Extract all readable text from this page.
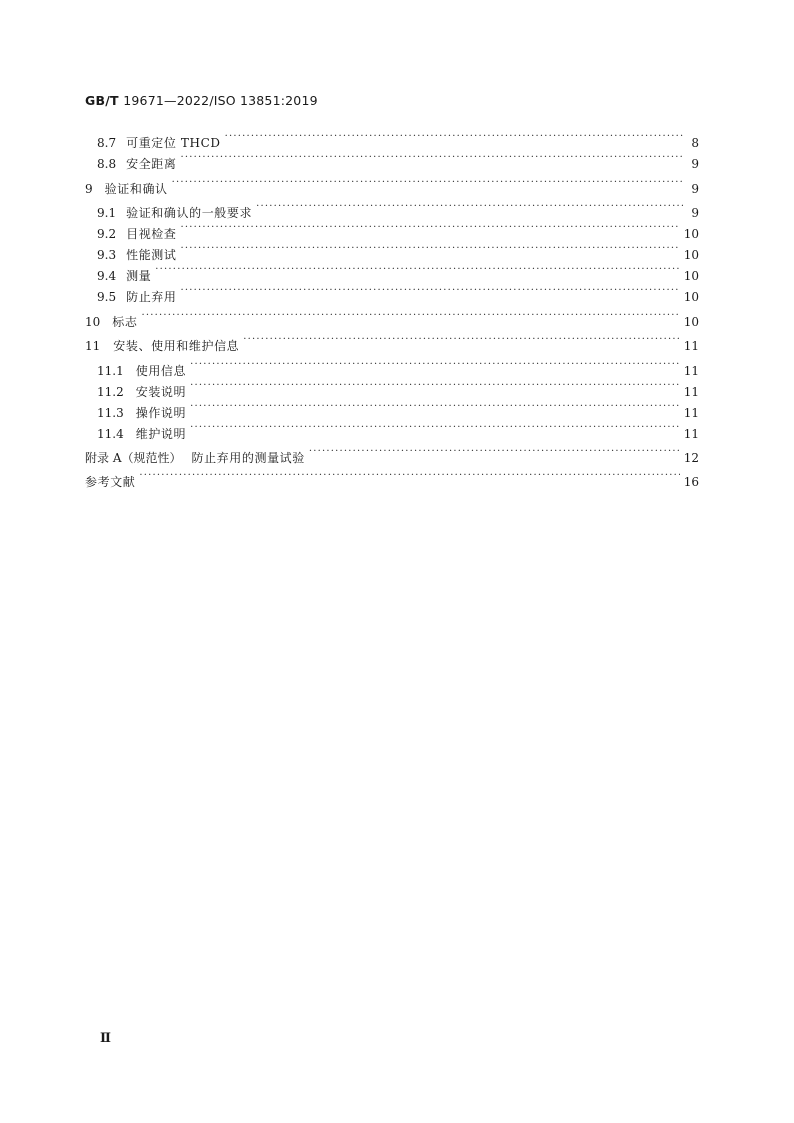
GB/T 19671—2022/ISO 13851:2019
8.7 可重定位 THCD ·····	8
8.8 安全距离 ·····	9
9 验证和确认 ·····	9
9.1 验证和确认的一般要求 ·····	9
9.2 目视检查 ·····	10
9.3 性能测试 ·····	10
9.4 测量 ·····	10
9.5 防止弃用 ·····	10
10 标志 ·····	10
11 安装、使用和维护信息 ·····	11
11.1 使用信息 ·····	11
11.2 安装说明 ·····	11
11.3 操作说明 ·····	11
11.4 维护说明 ·····	11
附录 A（规范性） 防止弃用的测量试验 ·····	12
参考文献 ·····	16
Ⅱ
